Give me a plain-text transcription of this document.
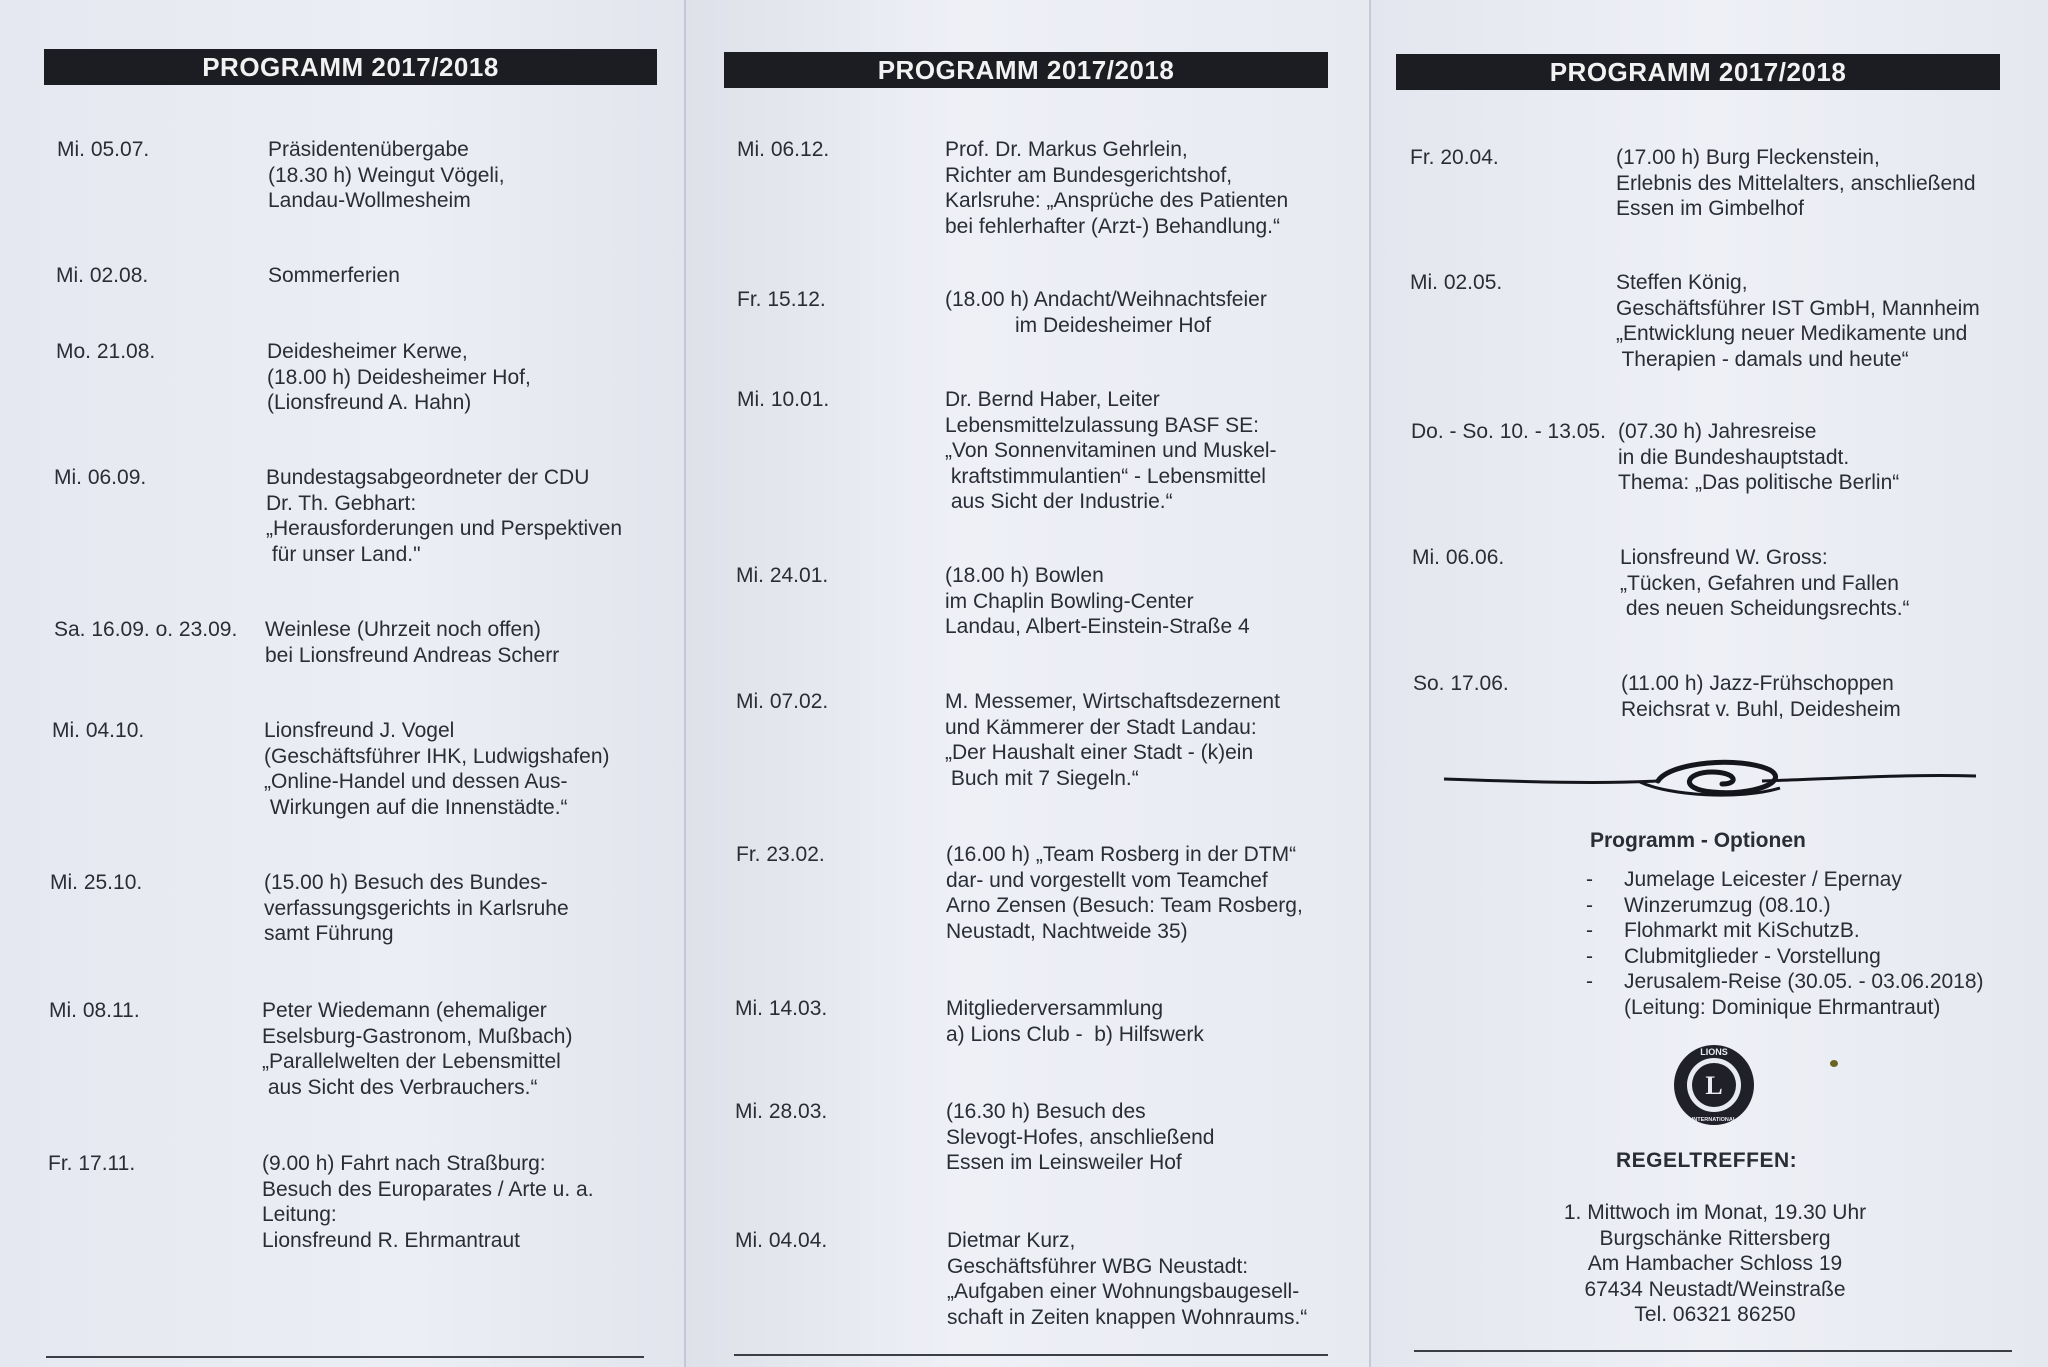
PROGRAMM 2017/2018	PROGRAMM 2017/2018	PROGRAMM 2017/2018
Mi. 05.07.	Präsidentenübergabe
(18.30 h) Weingut Vögeli,
Landau-Wollmesheim
Mi. 02.08.	Sommerferien
Mo. 21.08.	Deidesheimer Kerwe,
(18.00 h) Deidesheimer Hof,
(Lionsfreund A. Hahn)
Mi. 06.09.	Bundestagsabgeordneter der CDU
Dr. Th. Gebhart:
„Herausforderungen und Perspektiven
für unser Land."
Sa. 16.09. o. 23.09. Weinlese (Uhrzeit noch offen)
bei Lionsfreund Andreas Scherr
Mi. 04.10.	Lionsfreund J. Vogel
(Geschäftsführer IHK, Ludwigshafen)
„Online-Handel und dessen Aus-
Wirkungen auf die Innenstädte.“
Mi. 25.10.	(15.00 h) Besuch des Bundes-
verfassungsgerichts in Karlsruhe
samt Führung
Mi. 08.11.	Peter Wiedemann (ehemaliger
Eselsburg-Gastronom, Mußbach)
„Parallelwelten der Lebensmittel
aus Sicht des Verbrauchers.“
Fr. 17.11.	(9.00 h) Fahrt nach Straßburg:
Besuch des Europarates / Arte u. a.
Leitung:
Lionsfreund R. Ehrmantraut
Mi. 06.12.	Prof. Dr. Markus Gehrlein,
Richter am Bundesgerichtshof,
Karlsruhe: „Ansprüche des Patienten
bei fehlerhafter (Arzt-) Behandlung.“
Fr. 15.12.	(18.00 h) Andacht/Weihnachtsfeier
im Deidesheimer Hof
Mi. 10.01.	Dr. Bernd Haber, Leiter
Lebensmittelzulassung BASF SE:
„Von Sonnenvitaminen und Muskel-
kraftstimmulantien“ - Lebensmittel
aus Sicht der Industrie.“
Mi. 24.01.	(18.00 h) Bowlen
im Chaplin Bowling-Center
Landau, Albert-Einstein-Straße 4
Mi. 07.02.	M. Messemer, Wirtschaftsdezernent
und Kämmerer der Stadt Landau:
„Der Haushalt einer Stadt - (k)ein
Buch mit 7 Siegeln.“
Fr. 23.02.	(16.00 h) „Team Rosberg in der DTM“
dar- und vorgestellt vom Teamchef
Arno Zensen (Besuch: Team Rosberg,
Neustadt, Nachtweide 35)
Mi. 14.03.	Mitgliederversammlung
a) Lions Club -  b) Hilfswerk
Mi. 28.03.	(16.30 h) Besuch des
Slevogt-Hofes, anschließend
Essen im Leinsweiler Hof
Mi. 04.04.	Dietmar Kurz,
Geschäftsführer WBG Neustadt:
„Aufgaben einer Wohnungsbaugesell-
schaft in Zeiten knappen Wohnraums.“
Fr. 20.04.	(17.00 h) Burg Fleckenstein,
Erlebnis des Mittelalters, anschließend
Essen im Gimbelhof
Mi. 02.05.	Steffen König,
Geschäftsführer IST GmbH, Mannheim
„Entwicklung neuer Medikamente und
Therapien - damals und heute“
Do. - So. 10. - 13.05. (07.30 h) Jahresreise
in die Bundeshauptstadt.
Thema: „Das politische Berlin“
Mi. 06.06.	Lionsfreund W. Gross:
„Tücken, Gefahren und Fallen
des neuen Scheidungsrechts.“
So. 17.06.	(11.00 h) Jazz-Frühschoppen
Reichsrat v. Buhl, Deidesheim
Programm - Optionen
- Jumelage Leicester / Epernay
- Winzerumzug (08.10.)
- Flohmarkt mit KiSchutzB.
- Clubmitglieder - Vorstellung
- Jerusalem-Reise (30.05. - 03.06.2018)
(Leitung: Dominique Ehrmantraut)
L
LIONS
INTERNATIONAL
REGELTREFFEN:
1. Mittwoch im Monat, 19.30 Uhr
Burgschänke Rittersberg
Am Hambacher Schloss 19
67434 Neustadt/Weinstraße
Tel. 06321 86250
